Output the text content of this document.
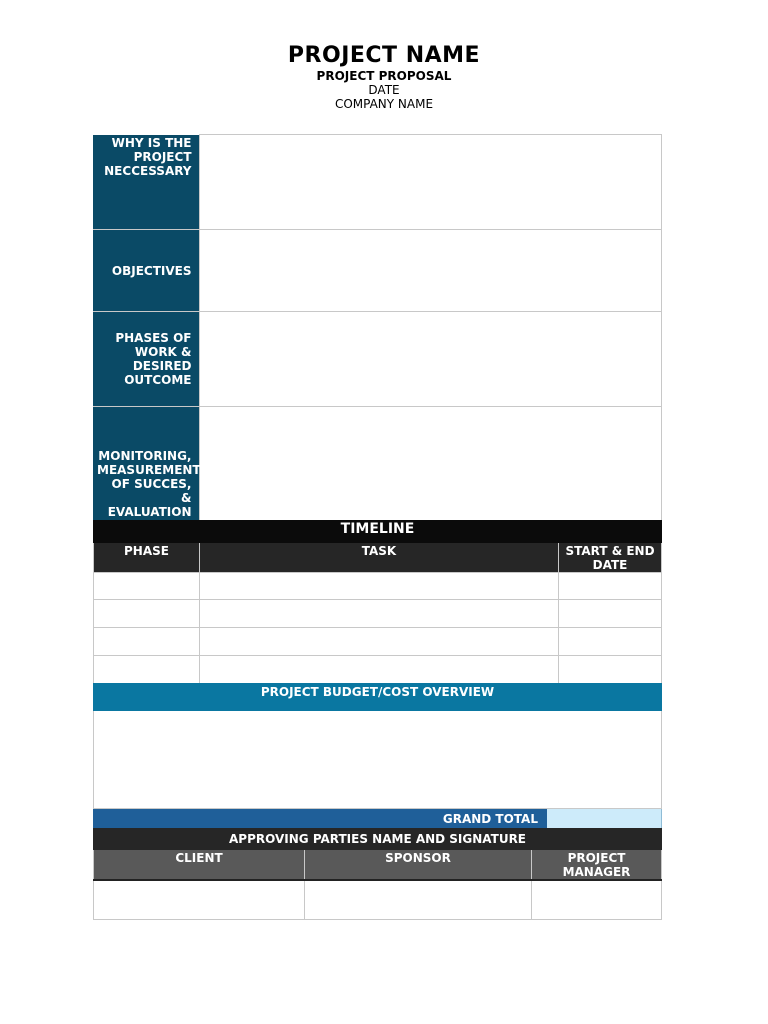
PROJECT NAME
PROJECT PROPOSAL
DATE
COMPANY NAME
WHY IS THE PROJECT NECCESSARY	
OBJECTIVES	
PHASES OF WORK & DESIRED OUTCOME	
MONITORING, MEASUREMENT OF SUCCES, & EVALUATION	
TIMELINE		
PHASE	TASK	START & END DATE

PROJECT BUDGET/COST OVERVIEW

GRAND TOTAL	
APPROVING PARTIES NAME AND SIGNATURE		
CLIENT	SPONSOR	PROJECT MANAGER
